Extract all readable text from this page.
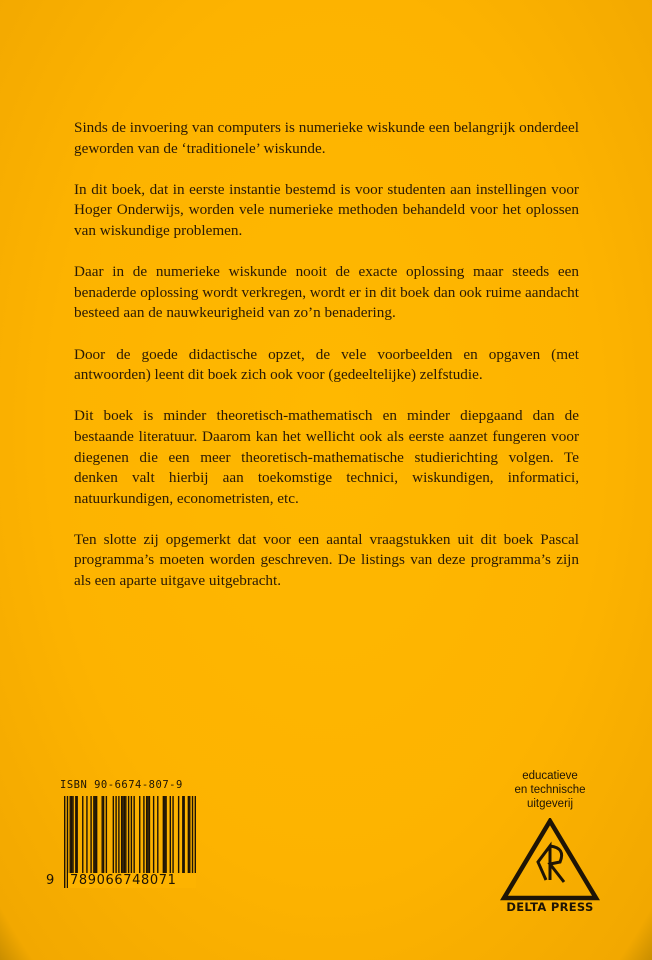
Sinds de invoering van computers is numerieke wiskunde een belangrijk onderdeel geworden van de ‘traditionele’ wiskunde.

In dit boek, dat in eerste instantie bestemd is voor studenten aan instellingen voor Hoger Onderwijs, worden vele numerieke methoden behandeld voor het oplossen van wiskundige problemen.

Daar in de numerieke wiskunde nooit de exacte oplossing maar steeds een benaderde oplossing wordt verkregen, wordt er in dit boek dan ook ruime aandacht besteed aan de nauwkeurigheid van zo’n benadering.

Door de goede didactische opzet, de vele voorbeelden en opgaven (met antwoorden) leent dit boek zich ook voor (gedeeltelijke) zelfstudie.

Dit boek is minder theoretisch-mathematisch en minder diepgaand dan de bestaande literatuur. Daarom kan het wellicht ook als eerste aanzet fungeren voor diegenen die een meer theoretisch-mathematische studierichting volgen. Te denken valt hierbij aan toekomstige technici, wiskundigen, informatici, natuurkundigen, econometristen, etc.

Ten slotte zij opgemerkt dat voor een aantal vraagstukken uit dit boek Pascal programma’s moeten worden geschreven. De listings van deze programma’s zijn als een aparte uitgave uitgebracht.

ISBN 90-6674-807-9
9 789066748071
educatieve
en technische
uitgeverij
DELTA PRESS
